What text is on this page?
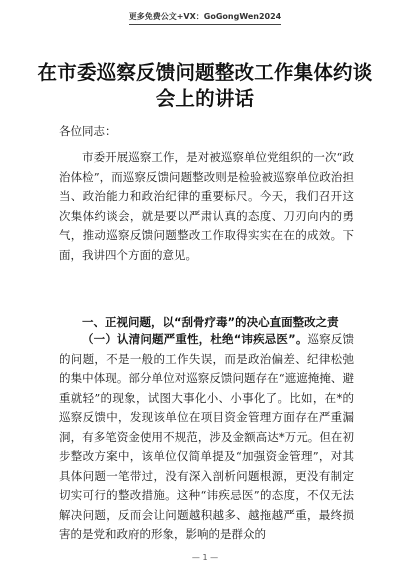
更多免费公文+VX：GoGongWen2024
在市委巡察反馈问题整改工作集体约谈会上的讲话
各位同志：
市委开展巡察工作，是对被巡察单位党组织的一次“政治体检”，而巡察反馈问题整改则是检验被巡察单位政治担当、政治能力和政治纪律的重要标尺。今天，我们召开这次集体约谈会，就是要以严肃认真的态度、刀刃向内的勇气，推动巡察反馈问题整改工作取得实实在在的成效。下面，我讲四个方面的意见。
一、正视问题，以“刮骨疗毒”的决心直面整改之责
（一）认清问题严重性，杜绝“讳疾忌医”。巡察反馈的问题，不是一般的工作失误，而是政治偏差、纪律松弛的集中体现。部分单位对巡察反馈问题存在“遮遮掩掩、避重就轻”的现象，试图大事化小、小事化了。比如，在*的巡察反馈中，发现该单位在项目资金管理方面存在严重漏洞，有多笔资金使用不规范，涉及金额高达*万元。但在初步整改方案中，该单位仅简单提及“加强资金管理”，对其具体问题一笔带过，没有深入剖析问题根源，更没有制定切实可行的整改措施。这种“讳疾忌医”的态度，不仅无法解决问题，反而会让问题越积越多、越拖越严重，最终损害的是党和政府的形象，影响的是群众的
— 1 —
